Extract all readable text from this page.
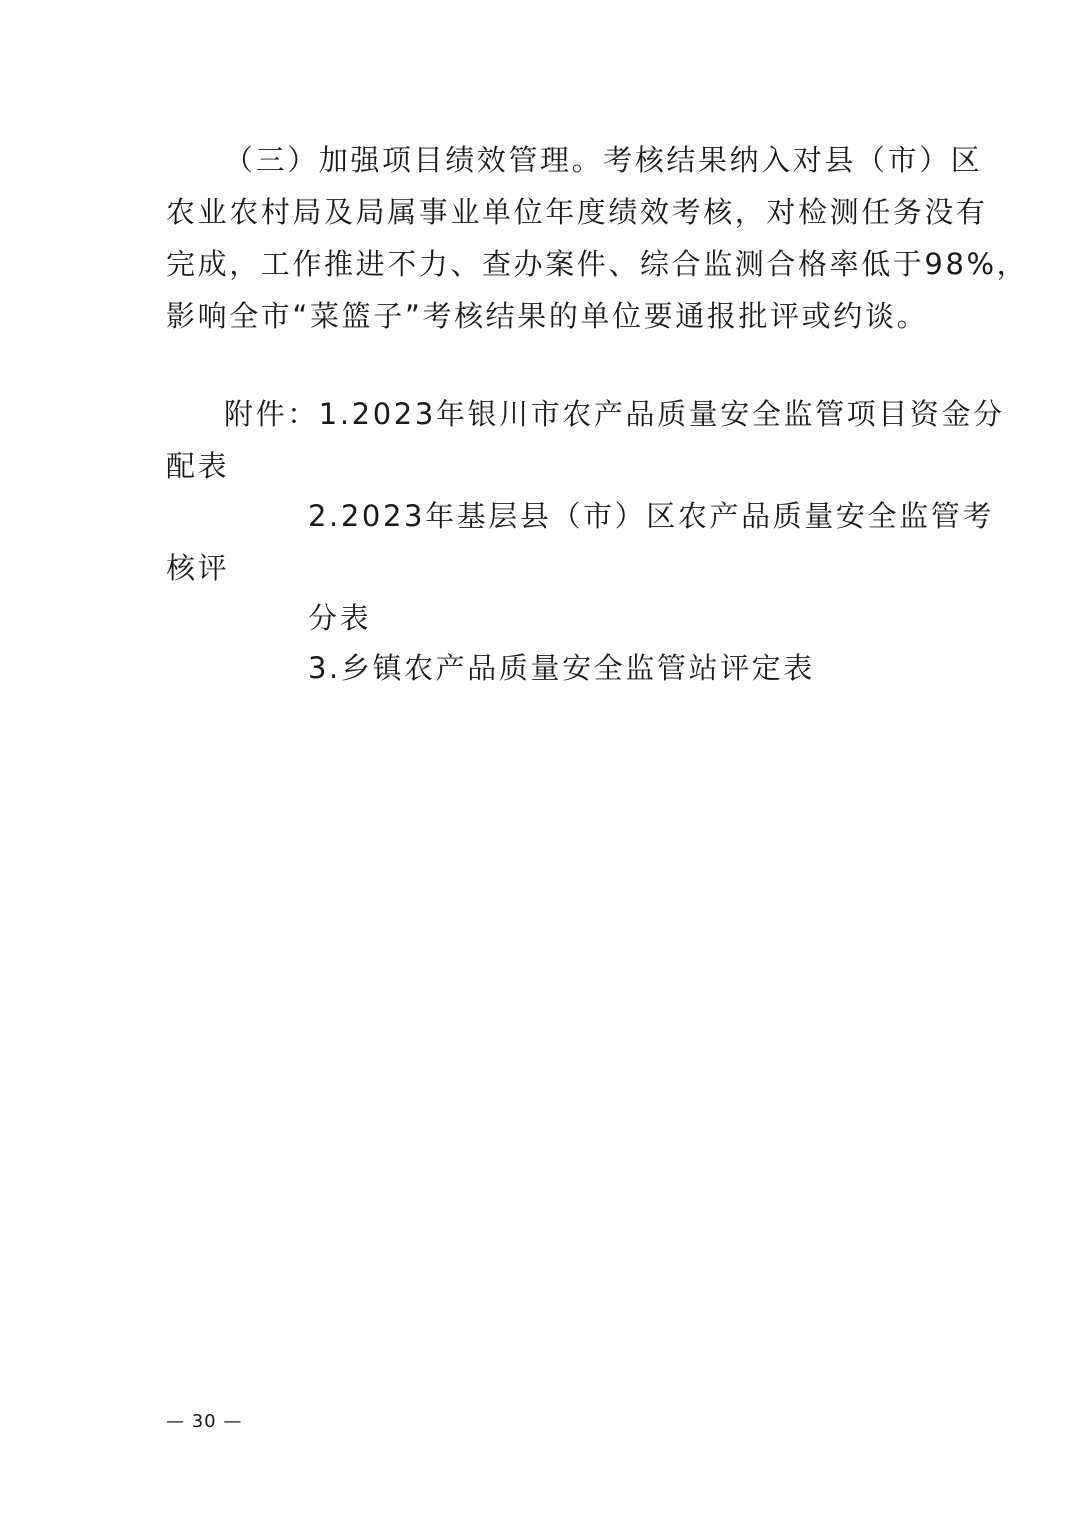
（三）加强项目绩效管理。考核结果纳入对县（市）区
农业农村局及局属事业单位年度绩效考核，对检测任务没有
完成，工作推进不力、查办案件、综合监测合格率低于98%，
影响全市“菜篮子”考核结果的单位要通报批评或约谈。
附件：1.2023年银川市农产品质量安全监管项目资金分
配表
2.2023年基层县（市）区农产品质量安全监管考
核评
分表
3.乡镇农产品质量安全监管站评定表
— 30 —
